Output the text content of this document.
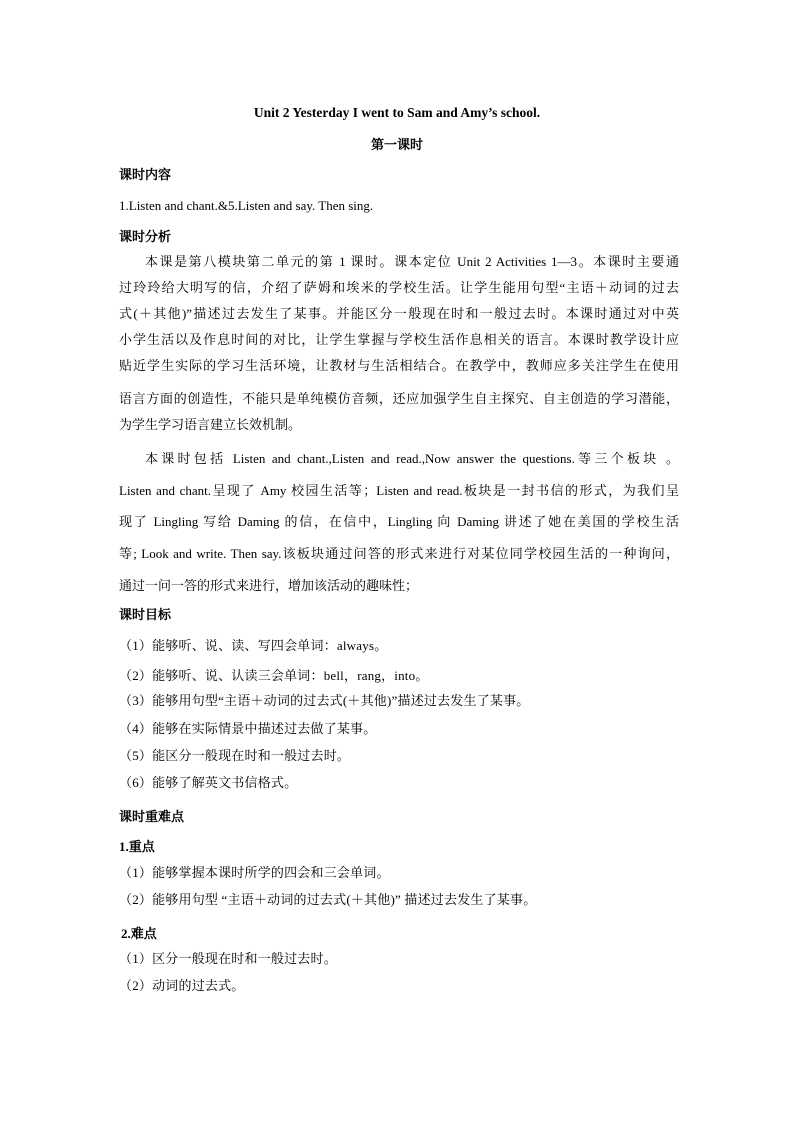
Unit 2 Yesterday I went to Sam and Amy’s school.
第一课时
课时内容
1.Listen and chant.&5.Listen and say. Then sing.
课时分析
本课是第八模块第二单元的第 1 课时。课本定位 Unit 2 Activities 1—3。本课时主要通
过玲玲给大明写的信，介绍了萨姆和埃米的学校生活。让学生能用句型“主语＋动词的过去
式(＋其他)”描述过去发生了某事。并能区分一般现在时和一般过去时。本课时通过对中英
小学生活以及作息时间的对比，让学生掌握与学校生活作息相关的语言。本课时教学设计应
贴近学生实际的学习生活环境，让教材与生活相结合。在教学中，教师应多关注学生在使用
语言方面的创造性，不能只是单纯模仿音频，还应加强学生自主探究、自主创造的学习潜能，
为学生学习语言建立长效机制。
本课时包括 Listen and chant.,Listen and read.,Now answer the questions.等三个板块 。
Listen and chant.呈现了 Amy 校园生活等；Listen and read.板块是一封书信的形式，为我们呈
现了 Lingling 写给 Daming 的信，在信中，Lingling 向 Daming 讲述了她在美国的学校生活
等; Look and write. Then say.该板块通过问答的形式来进行对某位同学校园生活的一种询问，
通过一问一答的形式来进行，增加该活动的趣味性；
课时目标
（1）能够听、说、读、写四会单词：always。
（2）能够听、说、认读三会单词：bell，rang，into。
（3）能够用句型“主语＋动词的过去式(＋其他)”描述过去发生了某事。
（4）能够在实际情景中描述过去做了某事。
（5）能区分一般现在时和一般过去时。
（6）能够了解英文书信格式。
课时重难点
1.重点
（1）能够掌握本课时所学的四会和三会单词。
（2）能够用句型 “主语＋动词的过去式(＋其他)” 描述过去发生了某事。
2.难点
（1）区分一般现在时和一般过去时。
（2）动词的过去式。
